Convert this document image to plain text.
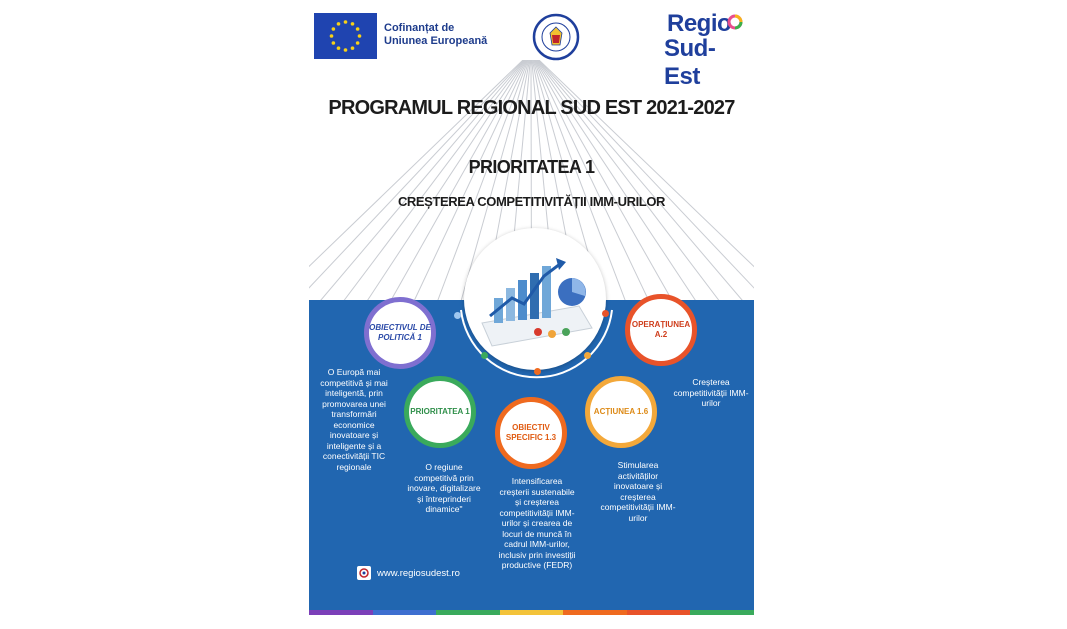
Cofinanțat de
Uniunea Europeană
Regio
Sud-Est
PROGRAMUL REGIONAL SUD EST 2021-2027
PRIORITATEA 1
CREȘTEREA COMPETITIVITĂȚII IMM-URILOR
OBIECTIVUL DE POLITICĂ 1
PRIORITATEA 1
OBIECTIV SPECIFIC 1.3
ACȚIUNEA 1.6
OPERAȚIUNEA A.2
O Europă mai competitivă și mai inteligentă, prin promovarea unei transformări economice inovatoare și inteligente și a conectivității TIC regionale	O regiune competitivă prin inovare, digitalizare și întreprinderi dinamice"
Intensificarea creșterii sustenabile și creșterea competitivității IMM-urilor și crearea de locuri de muncă în cadrul IMM-urilor, inclusiv prin investiții productive (FEDR)
Stimularea activităților inovatoare și creșterea competitivității IMM-urilor
Creșterea competitivității IMM-urilor
www.regiosudest.ro
